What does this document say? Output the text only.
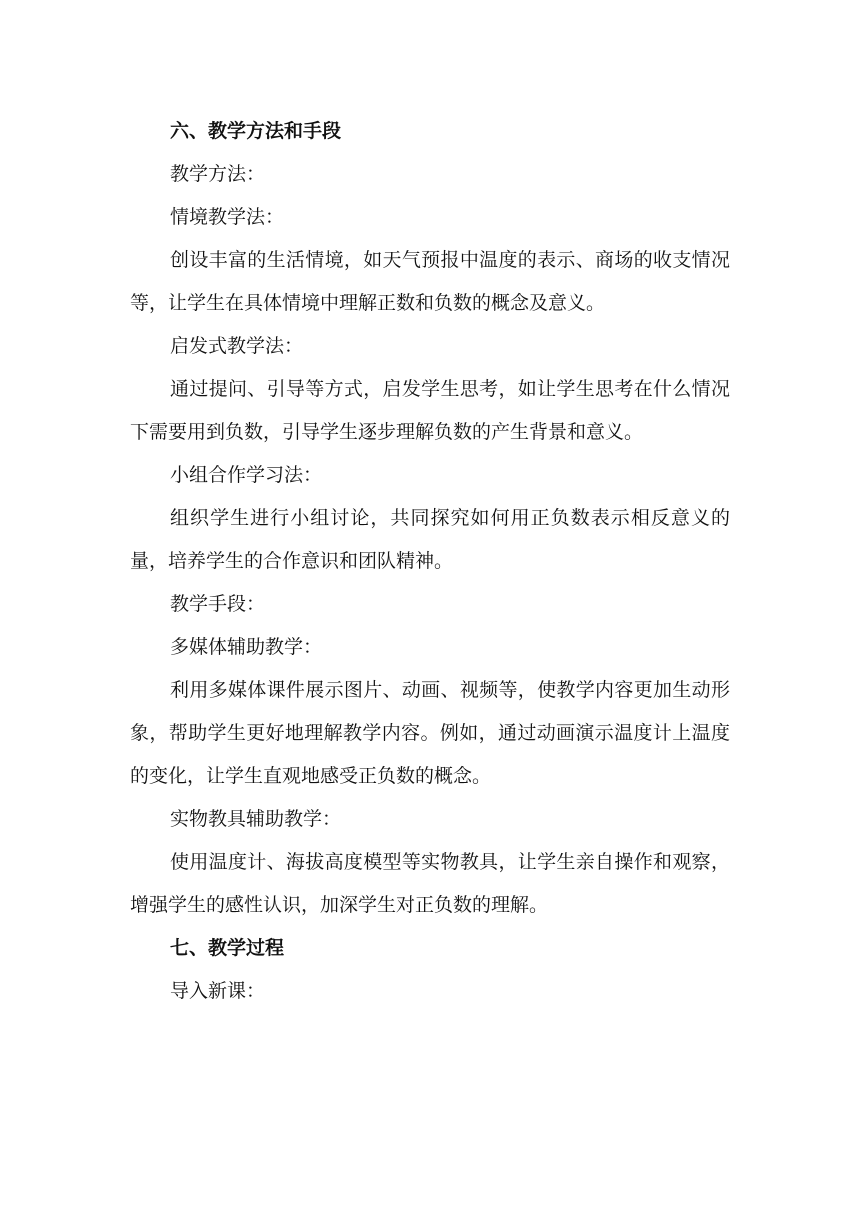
六、教学方法和手段

教学方法：

情境教学法：

创设丰富的生活情境，如天气预报中温度的表示、商场的收支情况等，让学生在具体情境中理解正数和负数的概念及意义。

启发式教学法：

通过提问、引导等方式，启发学生思考，如让学生思考在什么情况下需要用到负数，引导学生逐步理解负数的产生背景和意义。

小组合作学习法：

组织学生进行小组讨论，共同探究如何用正负数表示相反意义的量，培养学生的合作意识和团队精神。

教学手段：

多媒体辅助教学：

利用多媒体课件展示图片、动画、视频等，使教学内容更加生动形象，帮助学生更好地理解教学内容。例如，通过动画演示温度计上温度的变化，让学生直观地感受正负数的概念。

实物教具辅助教学：

使用温度计、海拔高度模型等实物教具，让学生亲自操作和观察，增强学生的感性认识，加深学生对正负数的理解。

七、教学过程

导入新课：
